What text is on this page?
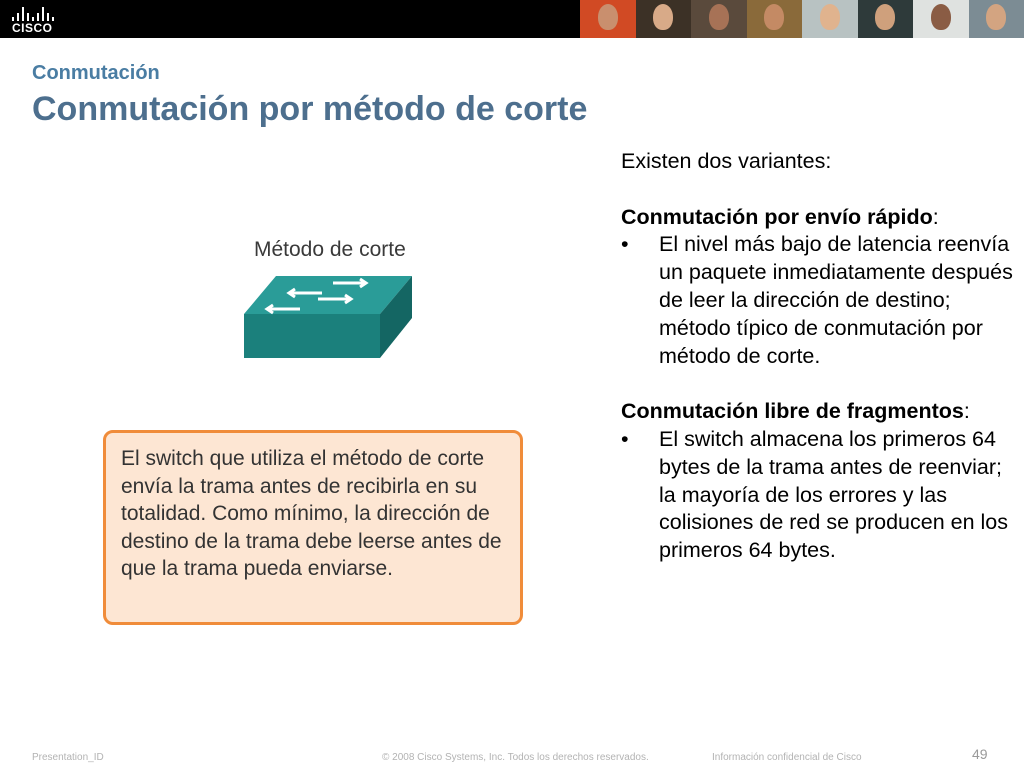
CISCO
Conmutación
Conmutación por método de corte
Método de corte
El switch que utiliza el método de corte envía la trama antes de recibirla en su totalidad. Como mínimo, la dirección de destino de la trama debe leerse antes de que la trama pueda enviarse.

Existen dos variantes:

Conmutación por envío rápido:

• El nivel más bajo de latencia reenvía un paquete inmediatamente después de leer la dirección de destino; método típico de conmutación por método de corte.

Conmutación libre de fragmentos:

• El switch almacena los primeros 64 bytes de la trama antes de reenviar; la mayoría de los errores y las colisiones de red se producen en los primeros 64 bytes.

Presentation_ID	© 2008 Cisco Systems, Inc. Todos los derechos reservados.	Información confidencial de Cisco	49
